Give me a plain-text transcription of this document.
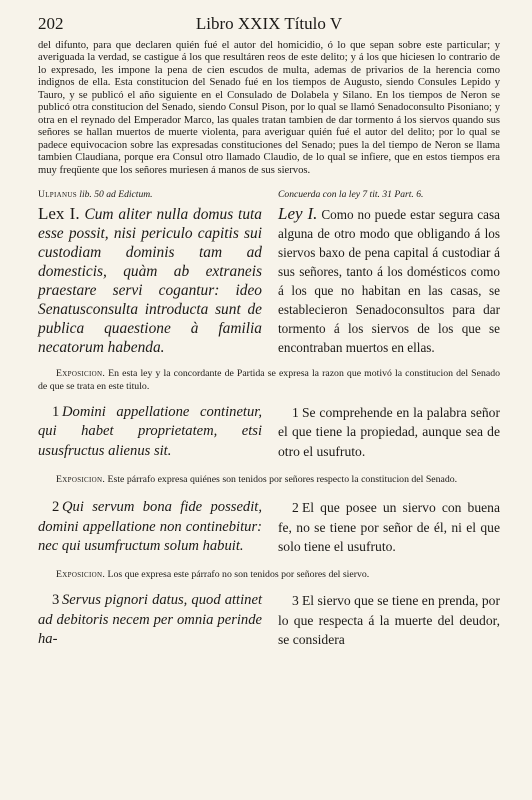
202	Libro XXIX Título V

del difunto, para que declaren quién fué el autor del homicidio, ó lo que sepan sobre este particular; y averiguada la verdad, se castigue á los que resultáren reos de este delito; y á los que hiciesen lo contrario de lo expresado, les impone la pena de cien escudos de multa, ademas de privarios de la herencia como indignos de ella. Esta constitucion del Senado fué en los tiempos de Augusto, siendo Consules Lepido y Tauro, y se publicó el año siguiente en el Consulado de Dolabela y Silano. En los tiempos de Neron se publicó otra constitucion del Senado, siendo Consul Pison, por lo qual se llamó Senadoconsulto Pisoniano; y otra en el reynado del Emperador Marco, las quales tratan tambien de dar tormento á los siervos quando sus señores se hallan muertos de muerte violenta, para averiguar quién fué el autor del delito; por lo qual se padece equivocacion sobre las expresadas constituciones del Senado; pues la del tiempo de Neron se llama tambien Claudiana, porque era Consul otro llamado Claudio, de lo qual se infiere, que en estos tiempos era muy freqüente que los señores muriesen á manos de sus siervos.

Ulpianus lib. 50 ad Edictum.	Concuerda con la ley 7 tit. 31 Part. 6.

Lex I. Cum aliter nulla domus tuta esse possit, nisi periculo capitis sui custodiam dominis tam ad domesticis, quàm ab extraneis praestare servi cogantur: ideo Senatusconsulta introducta sunt de publica quaestione à familia necatorum habenda.

Ley I. Como no puede estar segura casa alguna de otro modo que obligando á los siervos baxo de pena capital á custodiar á sus señores, tanto á los domésticos como á los que no habitan en las casas, se establecieron Senadoconsultos para dar tormento á los siervos de los que se encontraban muertos en ellas.

Exposicion. En esta ley y la concordante de Partida se expresa la razon que motivó la constitucion del Senado de que se trata en este titulo.

1 Domini appellatione continetur, qui habet proprietatem, etsi ususfructus alienus sit.

1 Se comprehende en la palabra señor el que tiene la propiedad, aunque sea de otro el usufruto.

Exposicion. Este párrafo expresa quiénes son tenidos por señores respecto la constitucion del Senado.

2 Qui servum bona fide possedit, domini appellatione non continebitur: nec qui usumfructum solum habuit.

2 El que posee un siervo con buena fe, no se tiene por señor de él, ni el que solo tiene el usufruto.

Exposicion. Los que expresa este párrafo no son tenidos por señores del siervo.

3 Servus pignori datus, quod attinet ad debitoris necem per omnia perinde ha-

3 El siervo que se tiene en prenda, por lo que respecta á la muerte del deudor, se considera
